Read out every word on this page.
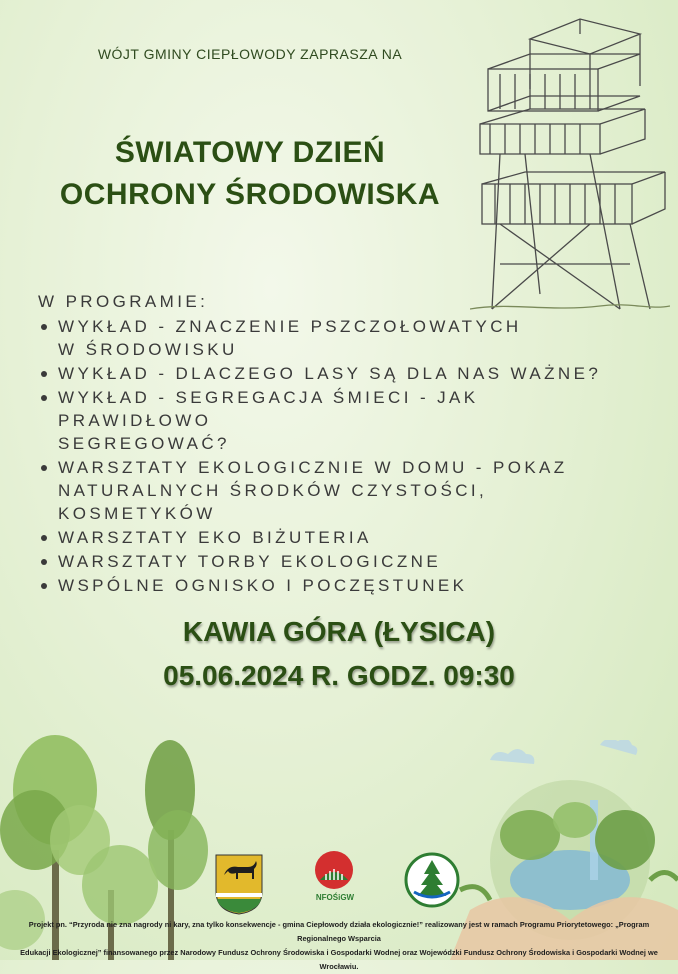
WÓJT GMINY CIEPŁOWODY ZAPRASZA NA
ŚWIATOWY DZIEŃ
OCHRONY ŚRODOWISKA
W PROGRAMIE:
WYKŁAD - ZNACZENIE PSZCZOŁOWATYCH
W ŚRODOWISKU
WYKŁAD - DLACZEGO LASY SĄ DLA NAS WAŻNE?
WYKŁAD - SEGREGACJA ŚMIECI - JAK PRAWIDŁOWO
SEGREGOWAĆ?
WARSZTATY EKOLOGICZNIE W DOMU - POKAZ
NATURALNYCH ŚRODKÓW CZYSTOŚCI, KOSMETYKÓW
WARSZTATY EKO BIŻUTERIA
WARSZTATY TORBY EKOLOGICZNE
WSPÓLNE OGNISKO I POCZĘSTUNEK
KAWIA GÓRA (ŁYSICA)
05.06.2024 R. GODZ. 09:30
NFOŚiGW
Projekt pn. “Przyroda nie zna nagrody ni kary, zna tylko konsekwencje - gmina Ciepłowody działa ekologicznie!” realizowany jest w ramach Programu Priorytetowego: „Program Regionalnego Wsparcia
Edukacji Ekologicznej” finansowanego przez Narodowy Fundusz Ochrony Środowiska i Gospodarki Wodnej oraz Wojewódzki Fundusz Ochrony Środowiska i Gospodarki Wodnej we Wrocławiu.
